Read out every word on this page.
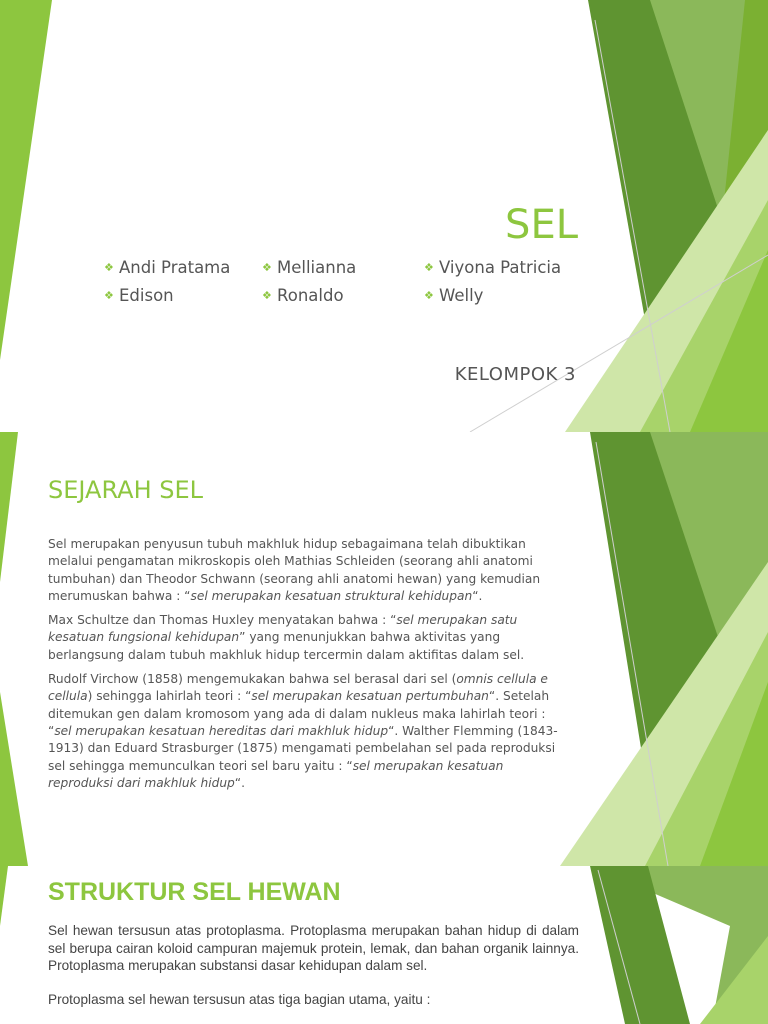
SEL
❖ Andi Pratama	❖ Mellianna	❖ Viyona Patricia
❖ Edison	❖ Ronaldo	❖ Welly
KELOMPOK 3
SEJARAH SEL

Sel merupakan penyusun tubuh makhluk hidup sebagaimana telah dibuktikan melalui pengamatan mikroskopis oleh Mathias Schleiden (seorang ahli anatomi tumbuhan) dan Theodor Schwann (seorang ahli anatomi hewan) yang kemudian merumuskan bahwa : “sel merupakan kesatuan struktural kehidupan“.

Max Schultze dan Thomas Huxley menyatakan bahwa : “sel merupakan satu kesatuan fungsional kehidupan” yang menunjukkan bahwa aktivitas yang berlangsung dalam tubuh makhluk hidup tercermin dalam aktifitas dalam sel.

Rudolf Virchow (1858) mengemukakan bahwa sel berasal dari sel (omnis cellula e cellula) sehingga lahirlah teori : “sel merupakan kesatuan pertumbuhan“. Setelah ditemukan gen dalam kromosom yang ada di dalam nukleus maka lahirlah teori : “sel merupakan kesatuan hereditas dari makhluk hidup“. Walther Flemming (1843-1913) dan Eduard Strasburger (1875) mengamati pembelahan sel pada reproduksi sel sehingga memunculkan teori sel baru yaitu : “sel merupakan kesatuan reproduksi dari makhluk hidup“.

STRUKTUR SEL HEWAN

Sel hewan tersusun atas protoplasma. Protoplasma merupakan bahan hidup di dalam sel berupa cairan koloid campuran majemuk protein, lemak, dan bahan organik lainnya. Protoplasma merupakan substansi dasar kehidupan dalam sel.

Protoplasma sel hewan tersusun atas tiga bagian utama, yaitu :
